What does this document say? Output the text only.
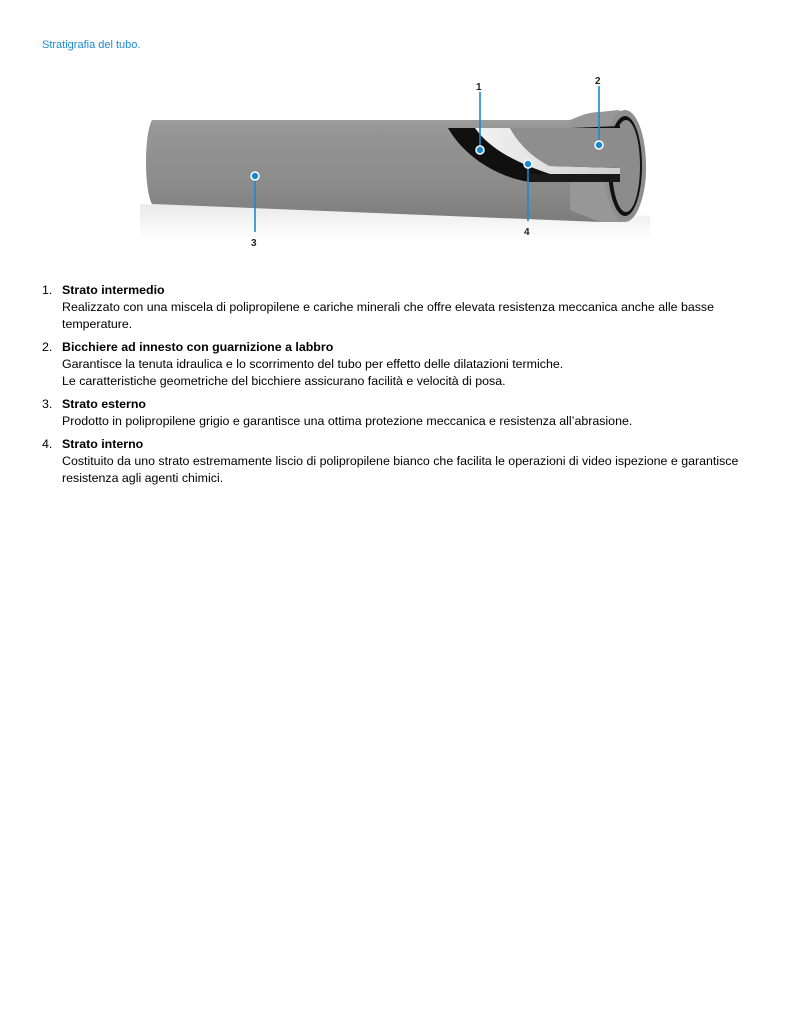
Stratigrafia del tubo.
1
2
3
4
1. Strato intermedio
Realizzato con una miscela di polipropilene e cariche minerali che offre elevata resistenza meccanica anche alle basse temperature.
2. Bicchiere ad innesto con guarnizione a labbro
Garantisce la tenuta idraulica e lo scorrimento del tubo per effetto delle dilatazioni termiche.
Le caratteristiche geometriche del bicchiere assicurano facilità e velocità di posa.
3. Strato esterno
Prodotto in polipropilene grigio e garantisce una ottima protezione meccanica e resistenza all’abrasione.
4. Strato interno
Costituito da uno strato estremamente liscio di polipropilene bianco che facilita le operazioni di video ispezione e garantisce resistenza agli agenti chimici.
